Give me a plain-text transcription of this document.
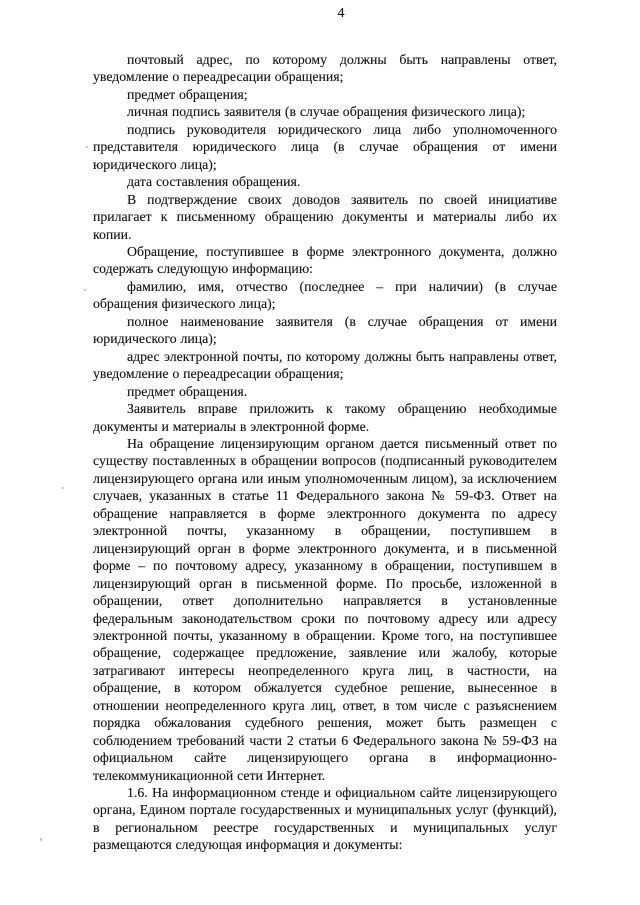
4

почтовый адрес, по которому должны быть направлены ответ, уведомление о переадресации обращения;

предмет обращения;

личная подпись заявителя (в случае обращения физического лица);

подпись руководителя юридического лица либо уполномоченного представителя юридического лица (в случае обращения от имени юридического лица);

дата составления обращения.

В подтверждение своих доводов заявитель по своей инициативе прилагает к письменному обращению документы и материалы либо их копии.

Обращение, поступившее в форме электронного документа, должно содержать следующую информацию:

фамилию, имя, отчество (последнее – при наличии) (в случае обращения физического лица);

полное наименование заявителя (в случае обращения от имени юридического лица);

адрес электронной почты, по которому должны быть направлены ответ, уведомление о переадресации обращения;

предмет обращения.

Заявитель вправе приложить к такому обращению необходимые документы и материалы в электронной форме.

На обращение лицензирующим органом дается письменный ответ по существу поставленных в обращении вопросов (подписанный руководителем лицензирующего органа или иным уполномоченным лицом), за исключением случаев, указанных в статье 11 Федерального закона № 59-ФЗ. Ответ на обращение направляется в форме электронного документа по адресу электронной почты, указанному в обращении, поступившем в лицензирующий орган в форме электронного документа, и в письменной форме – по почтовому адресу, указанному в обращении, поступившем в лицензирующий орган в письменной форме. По просьбе, изложенной в обращении, ответ дополнительно направляется в установленные федеральным законодательством сроки по почтовому адресу или адресу электронной почты, указанному в обращении. Кроме того, на поступившее обращение, содержащее предложение, заявление или жалобу, которые затрагивают интересы неопределенного круга лиц, в частности, на обращение, в котором обжалуется судебное решение, вынесенное в отношении неопределенного круга лиц, ответ, в том числе с разъяснением порядка обжалования судебного решения, может быть размещен с соблюдением требований части 2 статьи 6 Федерального закона № 59-ФЗ на официальном сайте лицензирующего органа в информационно-телекоммуникационной сети Интернет.

1.6. На информационном стенде и официальном сайте лицензирующего органа, Едином портале государственных и муниципальных услуг (функций), в региональном реестре государственных и муниципальных услуг размещаются следующая информация и документы:
